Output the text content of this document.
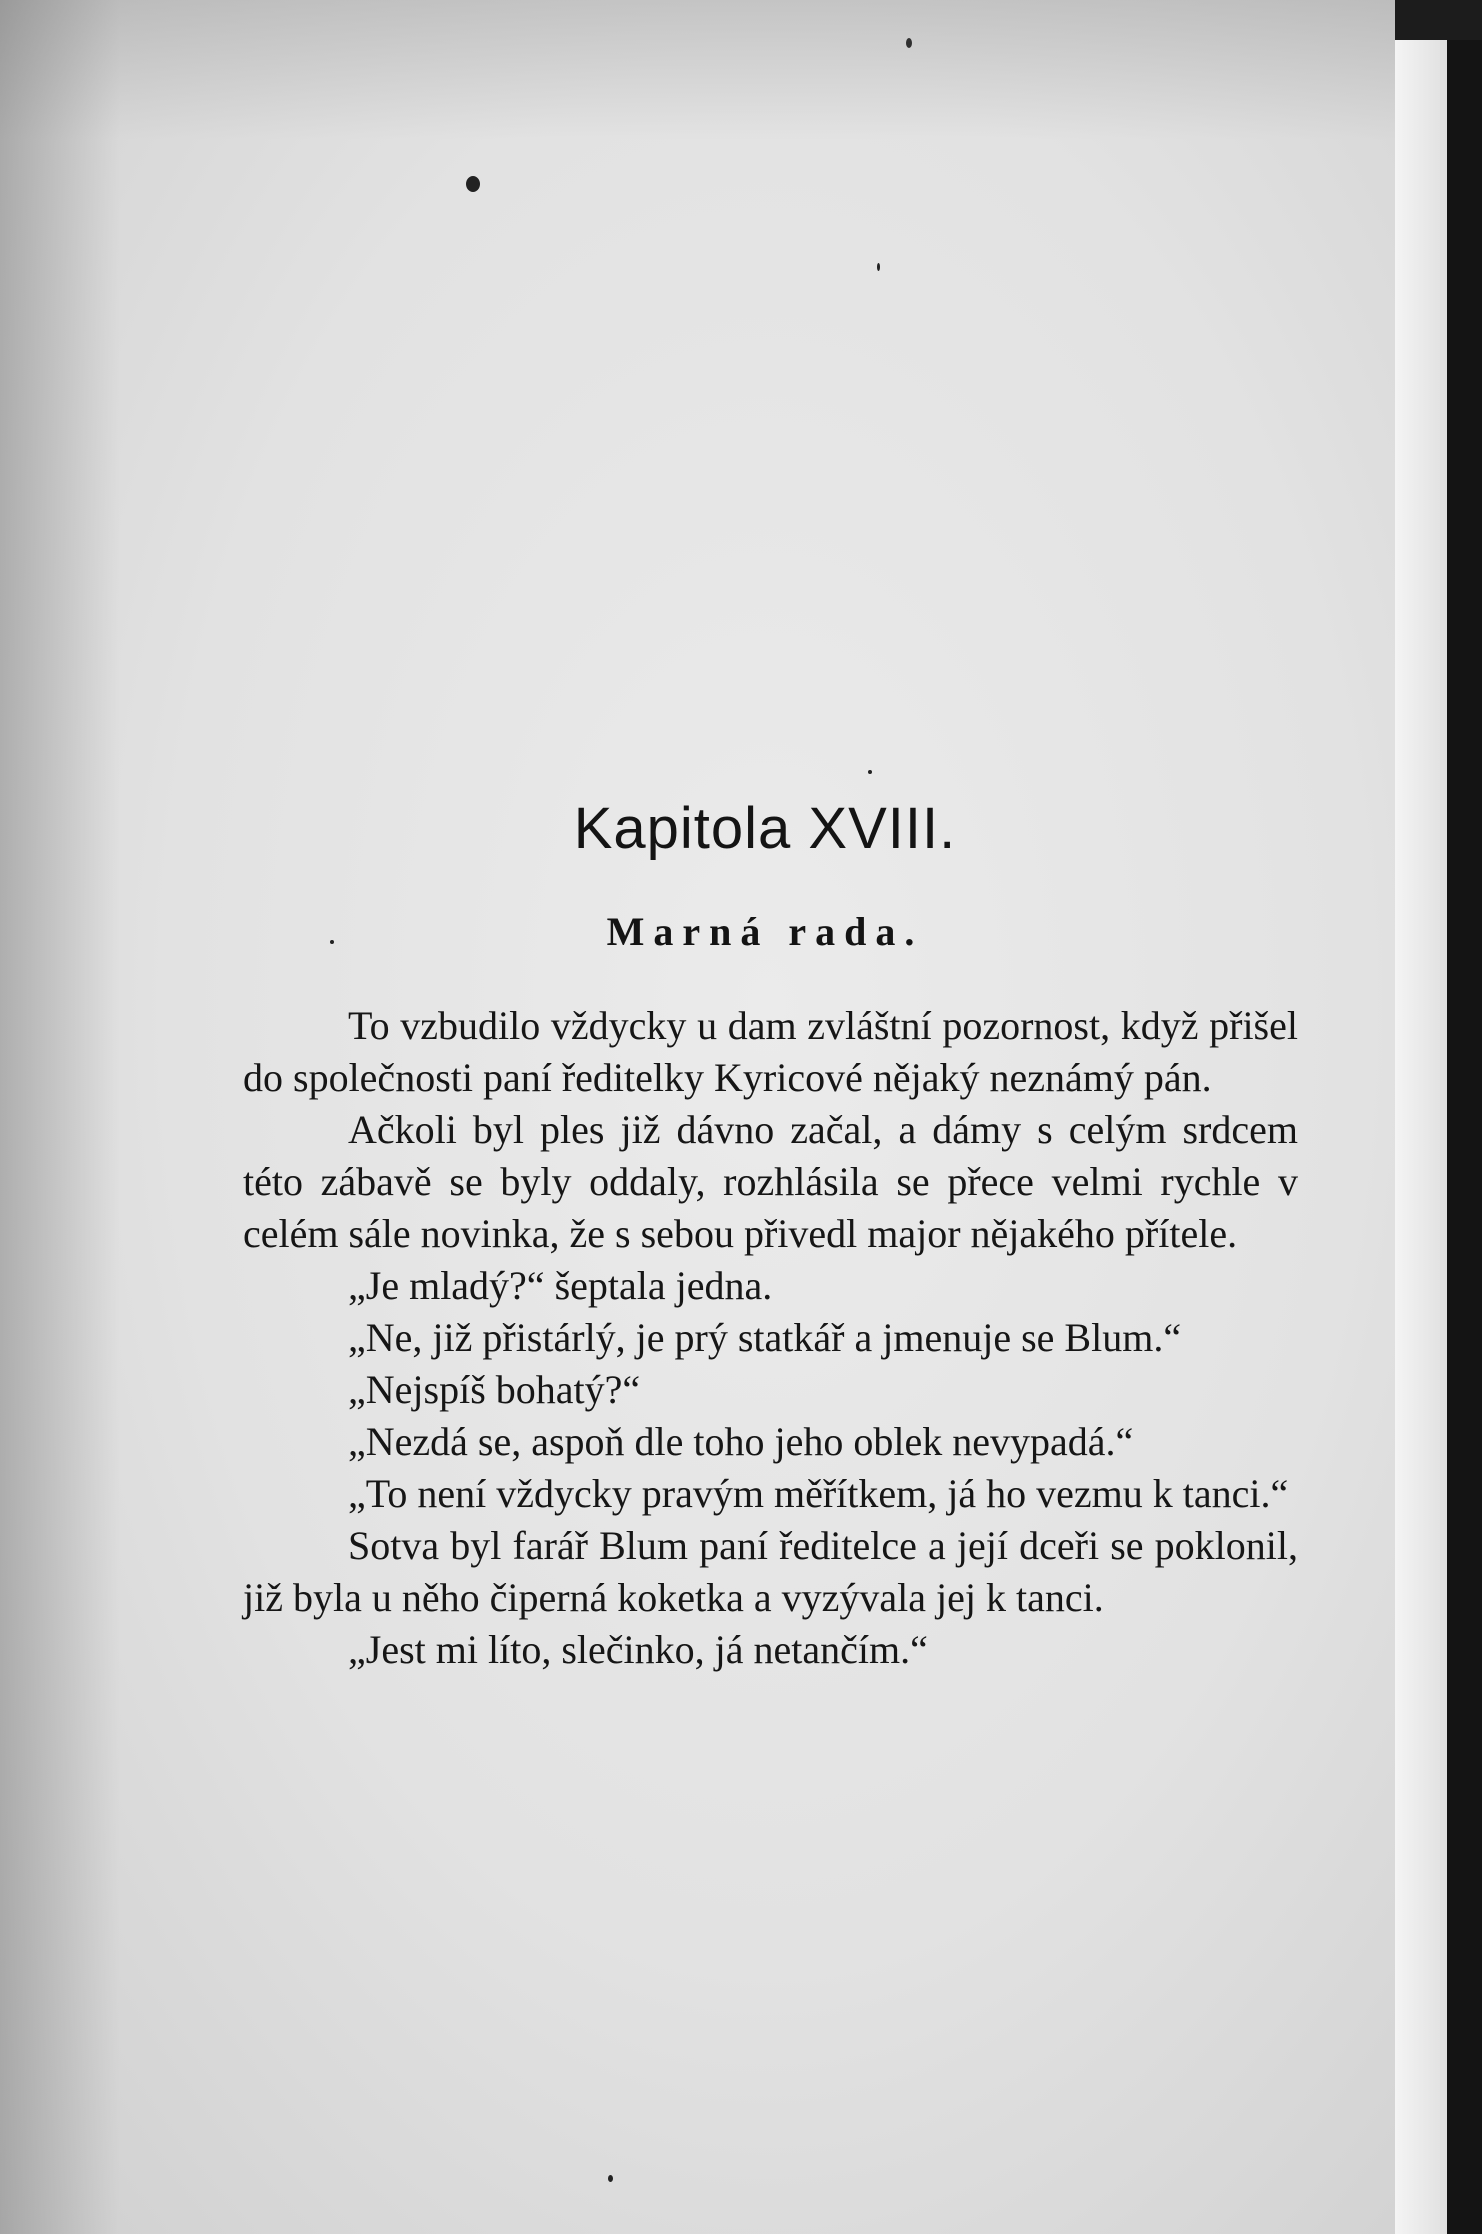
Kapitola XVIII.
Marná rada.

To vzbudilo vždycky u dam zvláštní pozornost, když přišel do společnosti paní ředitelky Kyricové nějaký neznámý pán.

Ačkoli byl ples již dávno začal, a dámy s celým srdcem této zábavě se byly oddaly, rozhlásila se přece velmi rychle v celém sále novinka, že s sebou přivedl major nějakého přítele.

„Je mladý?“ šeptala jedna.

„Ne, již přistárlý, je prý statkář a jmenuje se Blum.“

„Nejspíš bohatý?“

„Nezdá se, aspoň dle toho jeho oblek nevypadá.“

„To není vždycky pravým měřítkem, já ho vezmu k tanci.“

Sotva byl farář Blum paní ředitelce a její dceři se poklonil, již byla u něho čiperná koketka a vyzývala jej k tanci.

„Jest mi líto, slečinko, já netančím.“
